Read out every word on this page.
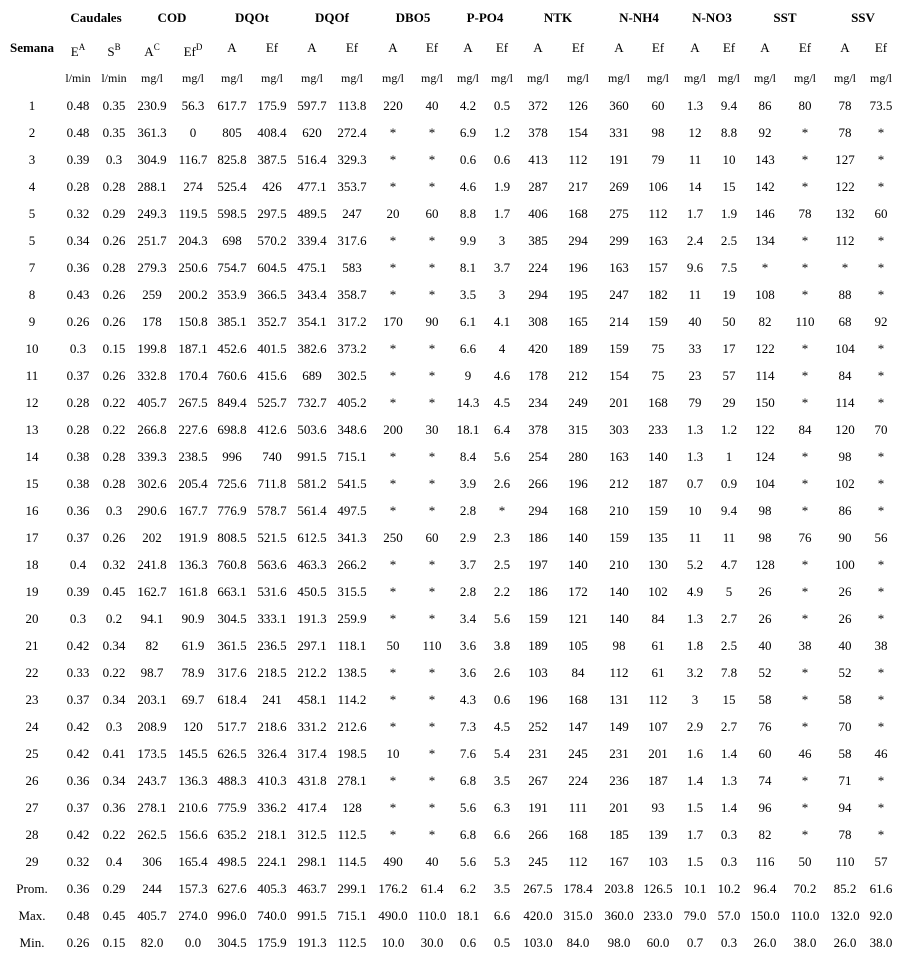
Caudales	COD	DQOt	DQOf	DBO5	P-PO4	NTK	N-NH4	N-NO3	SST	SSV
Semana $E^A$ $S^B$ $A^C$ $Ef^D$ A Ef A Ef A Ef A Ef A Ef A Ef A Ef A Ef A Ef
l/min l/min mg/l mg/l mg/l mg/l mg/l mg/l mg/l mg/l mg/l mg/l mg/l mg/l mg/l mg/l mg/l mg/l mg/l mg/l mg/l mg/l
1 0.48 0.35 230.9 56.3 617.7 175.9 597.7 113.8 220 40 4.2 0.5 372 126 360 60 1.3 9.4 86 80 78 73.5
2 0.48 0.35 361.3 0 805 408.4 620 272.4 *	* 6.9 1.2 378 154 331 98 12 8.8 92 * 78 *
3 0.39 0.3 304.9 116.7 825.8 387.5 516.4 329.3 *	* 0.6 0.6 413 112 191 79 11 10 143 * 127 *
4 0.28 0.28 288.1 274 525.4 426 477.1 353.7 *	* 4.6 1.9 287 217 269 106 14 15 142 * 122 *
5 0.32 0.29 249.3 119.5 598.5 297.5 489.5 247 20 60 8.8 1.7 406 168 275 112 1.7 1.9 146 78 132 60
5 0.34 0.26 251.7 204.3 698 570.2 339.4 317.6 *	* 9.9 3 385 294 299 163 2.4 2.5 134 * 112 *
7 0.36 0.28 279.3 250.6 754.7 604.5 475.1 583 *	* 8.1 3.7 224 196 163 157 9.6 7.5 *	*	* *
8 0.43 0.26 259 200.2 353.9 366.5 343.4 358.7 *	* 3.5 3 294 195 247 182 11 19 108 * 88 *
9 0.26 0.26 178 150.8 385.1 352.7 354.1 317.2 170 90 6.1 4.1 308 165 214 159 40 50 82 110 68 92
10 0.3 0.15 199.8 187.1 452.6 401.5 382.6 373.2 *	* 6.6 4 420 189 159 75 33 17 122 * 104 *
11 0.37 0.26 332.8 170.4 760.6 415.6 689 302.5 *	* 9 4.6 178 212 154 75 23 57 114 * 84 *
12 0.28 0.22 405.7 267.5 849.4 525.7 732.7 405.2 *	* 14.3 4.5 234 249 201 168 79 29 150 * 114 *
13 0.28 0.22 266.8 227.6 698.8 412.6 503.6 348.6 200 30 18.1 6.4 378 315 303 233 1.3 1.2 122 84 120 70
14 0.38 0.28 339.3 238.5 996 740 991.5 715.1 *	* 8.4 5.6 254 280 163 140 1.3 1 124 * 98 *
15 0.38 0.28 302.6 205.4 725.6 711.8 581.2 541.5 *	* 3.9 2.6 266 196 212 187 0.7 0.9 104 * 102 *
16 0.36 0.3 290.6 167.7 776.9 578.7 561.4 497.5 *	* 2.8 * 294 168 210 159 10 9.4 98 * 86 *
17 0.37 0.26 202 191.9 808.5 521.5 612.5 341.3 250 60 2.9 2.3 186 140 159 135 11 11 98 76 90 56
18 0.4 0.32 241.8 136.3 760.8 563.6 463.3 266.2 *	* 3.7 2.5 197 140 210 130 5.2 4.7 128 * 100 *
19 0.39 0.45 162.7 161.8 663.1 531.6 450.5 315.5 *	* 2.8 2.2 186 172 140 102 4.9 5 26 * 26 *
20 0.3 0.2 94.1 90.9 304.5 333.1 191.3 259.9 *	* 3.4 5.6 159 121 140 84 1.3 2.7 26 * 26 *
21 0.42 0.34 82 61.9 361.5 236.5 297.1 118.1 50 110 3.6 3.8 189 105 98 61 1.8 2.5 40 38 40 38
22 0.33 0.22 98.7 78.9 317.6 218.5 212.2 138.5 *	* 3.6 2.6 103 84 112 61 3.2 7.8 52 * 52 *
23 0.37 0.34 203.1 69.7 618.4 241 458.1 114.2 *	* 4.3 0.6 196 168 131 112 3 15 58 * 58 *
24 0.42 0.3 208.9 120 517.7 218.6 331.2 212.6 *	* 7.3 4.5 252 147 149 107 2.9 2.7 76 * 70 *
25 0.42 0.41 173.5 145.5 626.5 326.4 317.4 198.5 10 * 7.6 5.4 231 245 231 201 1.6 1.4 60 46 58 46
26 0.36 0.34 243.7 136.3 488.3 410.3 431.8 278.1 *	* 6.8 3.5 267 224 236 187 1.4 1.3 74 * 71 *
27 0.37 0.36 278.1 210.6 775.9 336.2 417.4 128 *	* 5.6 6.3 191 111 201 93 1.5 1.4 96 * 94 *
28 0.42 0.22 262.5 156.6 635.2 218.1 312.5 112.5 *	* 6.8 6.6 266 168 185 139 1.7 0.3 82 * 78 *
29 0.32 0.4 306 165.4 498.5 224.1 298.1 114.5 490 40 5.6 5.3 245 112 167 103 1.5 0.3 116 50 110 57
Prom. 0.36 0.29 244 157.3 627.6 405.3 463.7 299.1 176.2 61.4 6.2 3.5 267.5 178.4 203.8 126.5 10.1 10.2 96.4 70.2 85.2 61.6
Max. 0.48 0.45 405.7 274.0 996.0 740.0 991.5 715.1 490.0 110.0 18.1 6.6 420.0 315.0 360.0 233.0 79.0 57.0 150.0 110.0 132.0 92.0
Min. 0.26 0.15 82.0 0.0 304.5 175.9 191.3 112.5 10.0 30.0 0.6 0.5 103.0 84.0 98.0 60.0 0.7 0.3 26.0 38.0 26.0 38.0
